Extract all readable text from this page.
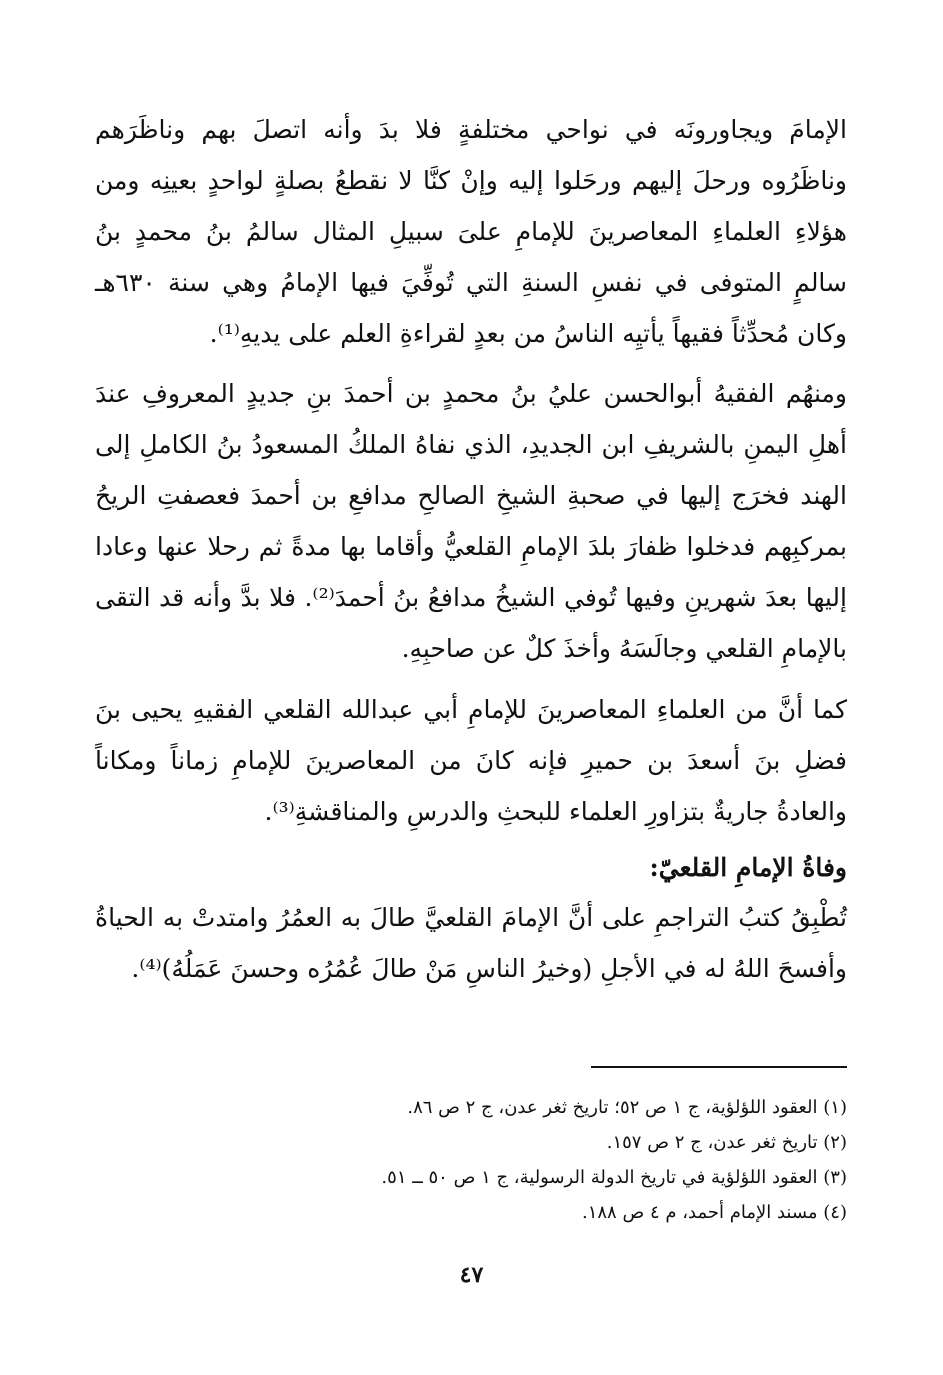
الإمامَ ويجاورونَه في نواحي مختلفةٍ فلا بدَ وأنه اتصلَ بهم وناظَرَهم وناظَرُوه ورحلَ إليهم ورحَلوا إليه وإنْ كنَّا لا نقطعُ بصلةٍ لواحدٍ بعينِه ومن هؤلاءِ العلماءِ المعاصرينَ للإمامِ علىَ سبيلِ المثال سالمُ بنُ محمدٍ بنُ سالمٍ المتوفى في نفسِ السنةِ التي تُوفِّيَ فيها الإمامُ وهي سنة ٦٣٠هـ وكان مُحدِّثاً فقيهاً يأتيِه الناسُ من بعدٍ لقراءةِ العلم على يديهِ⁽¹⁾.

ومنهُم الفقيهُ أبوالحسن عليُ بنُ محمدٍ بن أحمدَ بنِ جديدٍ المعروفِ عندَ أهلِ اليمنِ بالشريفِ ابن الجديدِ، الذي نفاهُ الملكُ المسعودُ بنُ الكاملِ إلى الهند فخرَج إليها في صحبةِ الشيخِ الصالحِ مدافعِ بن أحمدَ فعصفتِ الريحُ بمركبِهم فدخلوا ظفارَ بلدَ الإمامِ القلعيُّ وأقاما بها مدةً ثم رحلا عنها وعادا إليها بعدَ شهرينِ وفيها تُوفي الشيخُ مدافعُ بنُ أحمدَ⁽²⁾. فلا بدَّ وأنه قد التقى بالإمامِ القلعي وجالَسَهُ وأخذَ كلٌ عن صاحبِهِ.

كما أنَّ من العلماءِ المعاصرينَ للإمامِ أبي عبدالله القلعي الفقيهِ يحيى بنَ فضلِ بنَ أسعدَ بن حميرِ فإنه كانَ من المعاصرينَ للإمامِ زماناً ومكاناً والعادةُ جاريةٌ بتزاورِ العلماء للبحثِ والدرسِ والمناقشةِ⁽³⁾.

وفاةُ الإمامِ القلعيّ:

تُطْبِقُ كتبُ التراجمِ على أنَّ الإمامَ القلعيَّ طالَ به العمُرُ وامتدتْ به الحياةُ وأفسحَ اللهُ له في الأجلِ (وخيرُ الناسِ مَنْ طالَ عُمُرُه وحسنَ عَمَلُهُ)⁽⁴⁾.

(١) العقود اللؤلؤية، ج ١ ص ٥٢؛ تاريخ ثغر عدن، ج ٢ ص ٨٦.
(٢) تاريخ ثغر عدن، ج ٢ ص ١٥٧.
(٣) العقود اللؤلؤية في تاريخ الدولة الرسولية، ج ١ ص ٥٠ ــ ٥١.
(٤) مسند الإمام أحمد، م ٤ ص ١٨٨.
٤٧
